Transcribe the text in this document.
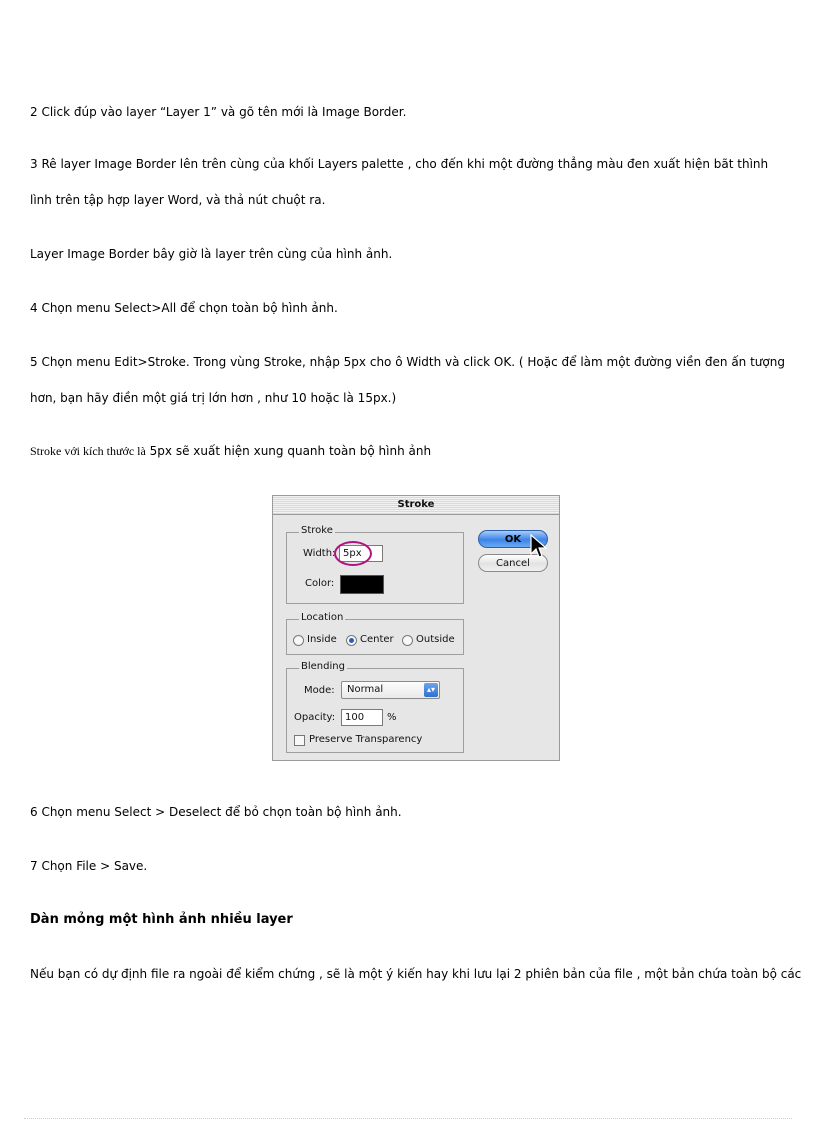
2 Click đúp vào layer “Layer 1” và gõ tên mới là Image Border.
3 Rê layer Image Border lên trên cùng của khối Layers palette , cho đến khi một đường thẳng màu đen xuất hiện bãt thình lình trên tập hợp layer Word, và thả nút chuột ra.
Layer Image Border bây giờ là layer trên cùng của hình ảnh.
4 Chọn menu Select>All để chọn toàn bộ hình ảnh.
5 Chọn menu Edit>Stroke. Trong vùng Stroke, nhập 5px cho ô Width và click OK. ( Hoặc để làm một đường viền đen ấn tượng hơn, bạn hãy điền một giá trị lớn hơn , như 10 hoặc là 15px.)
Stroke với kích thước là 5px sẽ xuất hiện xung quanh toàn bộ hình ảnh
Stroke
Stroke
Width: 5px
Color:
Location
Inside Center Outside
Blending
Mode:	Normal	▴▾
Opacity: 100	%
Preserve Transparency
OK
Cancel
6 Chọn menu Select > Deselect để bỏ chọn toàn bộ hình ảnh.
7 Chọn File > Save.
Dàn mỏng một hình ảnh nhiều layer
Nếu bạn có dự định file ra ngoài để kiểm chứng , sẽ là một ý kiến hay khi lưu lại 2 phiên bản của file , một bản chứa toàn bộ các
